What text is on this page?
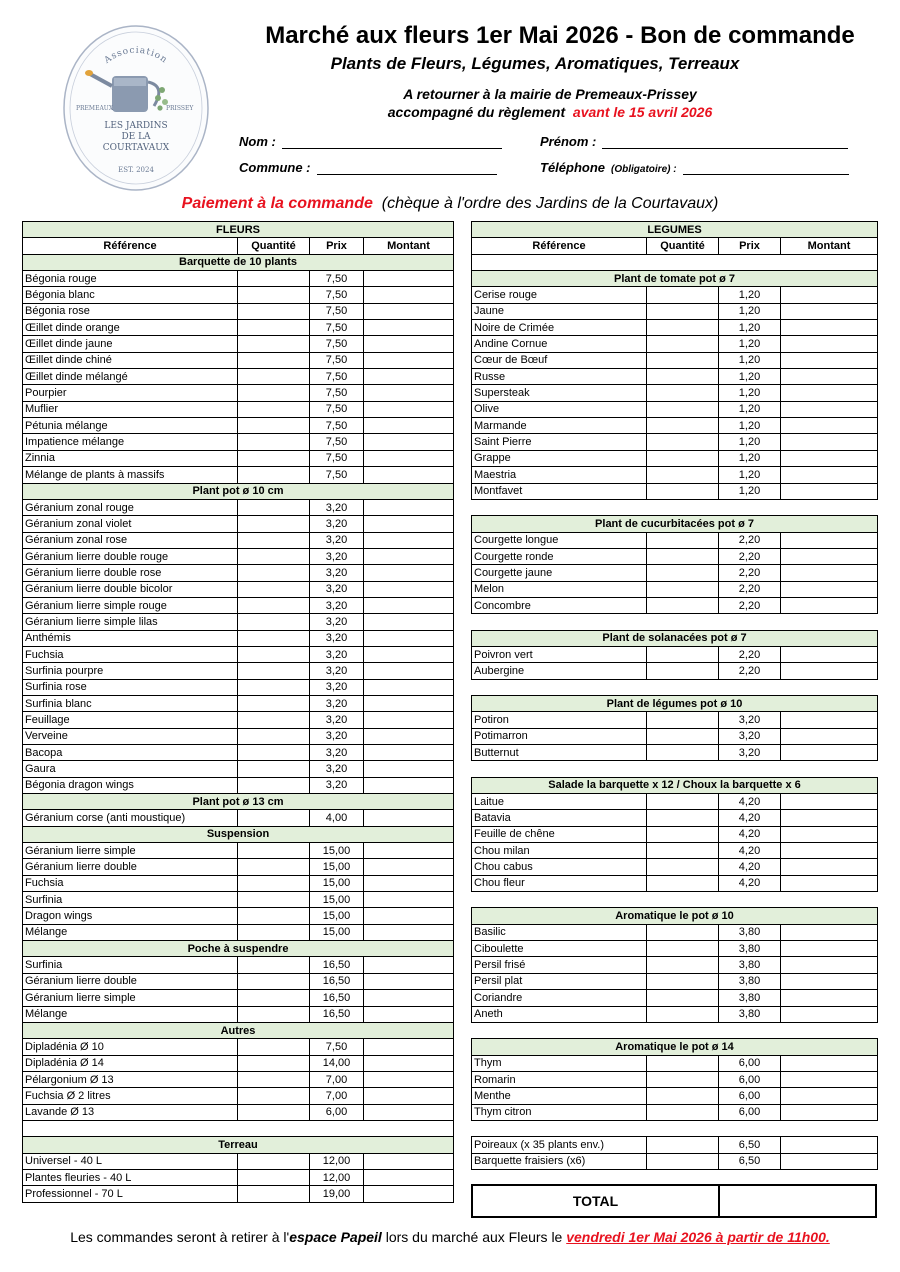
Association
PREMEAUX	PRISSEY
LES JARDINS
DE LA
COURTAVAUX
EST. 2024
Marché aux fleurs 1er Mai 2026 - Bon de commande
Plants de Fleurs, Légumes, Aromatiques, Terreaux
A retourner à la mairie de Premeaux-Prissey
accompagné du règlement avant le 15 avril 2026
Nom :	Prénom :
Commune :	Téléphone (Obligatoire) :
Paiement à la commande (chèque à l'ordre des Jardins de la Courtavaux)
FLEURS			
Référence	Quantité	Prix	Montant
Barquette de 10 plants			
Bégonia rouge		7,50	
Bégonia blanc		7,50	
Bégonia rose		7,50	
Œillet dinde orange		7,50	
Œillet dinde jaune		7,50	
Œillet dinde chiné		7,50	
Œillet dinde mélangé		7,50	
Pourpier		7,50	
Muflier		7,50	
Pétunia mélange		7,50	
Impatience mélange		7,50	
Zinnia		7,50	
Mélange de plants à massifs		7,50	
Plant pot ø 10 cm			
Géranium zonal rouge		3,20	
Géranium zonal violet		3,20	
Géranium zonal rose		3,20	
Géranium lierre double rouge		3,20	
Géranium lierre double rose		3,20	
Géranium lierre double bicolor		3,20	
Géranium lierre simple rouge		3,20	
Géranium lierre simple lilas		3,20	
Anthémis		3,20	
Fuchsia		3,20	
Surfinia pourpre		3,20	
Surfinia rose		3,20	
Surfinia blanc		3,20	
Feuillage		3,20	
Verveine		3,20	
Bacopa		3,20	
Gaura		3,20	
Bégonia dragon wings		3,20	
Plant pot ø 13 cm			
Géranium corse (anti moustique)		4,00	
Suspension			
Géranium lierre simple		15,00	
Géranium lierre double		15,00	
Fuchsia		15,00	
Surfinia		15,00	
Dragon wings		15,00	
Mélange		15,00	
Poche à suspendre			
Surfinia		16,50	
Géranium lierre double		16,50	
Géranium lierre simple		16,50	
Mélange		16,50	
Autres			
Dipladénia Ø 10		7,50	
Dipladénia Ø 14		14,00	
Pélargonium Ø 13		7,00	
Fuchsia Ø 2 litres		7,00	
Lavande Ø 13		6,00	

Terreau			
Universel - 40 L		12,00	
Plantes fleuries - 40 L		12,00	
Professionnel - 70 L		19,00	
LEGUMES			
Référence	Quantité	Prix	Montant

Plant de tomate pot ø 7			
Cerise rouge		1,20	
Jaune		1,20	
Noire de Crimée		1,20	
Andine Cornue		1,20	
Cœur de Bœuf		1,20	
Russe		1,20	
Supersteak		1,20	
Olive		1,20	
Marmande		1,20	
Saint Pierre		1,20	
Grappe		1,20	
Maestria		1,20	
Montfavet		1,20	

Plant de cucurbitacées pot ø 7			
Courgette longue		2,20	
Courgette ronde		2,20	
Courgette jaune		2,20	
Melon		2,20	
Concombre		2,20	

Plant de solanacées pot ø 7			
Poivron vert		2,20	
Aubergine		2,20	

Plant de légumes pot ø 10			
Potiron		3,20	
Potimarron		3,20	
Butternut		3,20	

Salade la barquette x 12 / Choux la barquette x 6			
Laitue		4,20	
Batavia		4,20	
Feuille de chêne		4,20	
Chou milan		4,20	
Chou cabus		4,20	
Chou fleur		4,20	

Aromatique le pot ø 10			
Basilic		3,80	
Ciboulette		3,80	
Persil frisé		3,80	
Persil plat		3,80	
Coriandre		3,80	
Aneth		3,80	

Aromatique le pot ø 14			
Thym		6,00	
Romarin		6,00	
Menthe		6,00	
Thym citron		6,00	

Poireaux (x 35 plants env.)		6,50	
Barquette fraisiers (x6)		6,50	
TOTAL
Les commandes seront à retirer à l'espace Papeil lors du marché aux Fleurs le vendredi 1er Mai 2026 à partir de 11h00.
